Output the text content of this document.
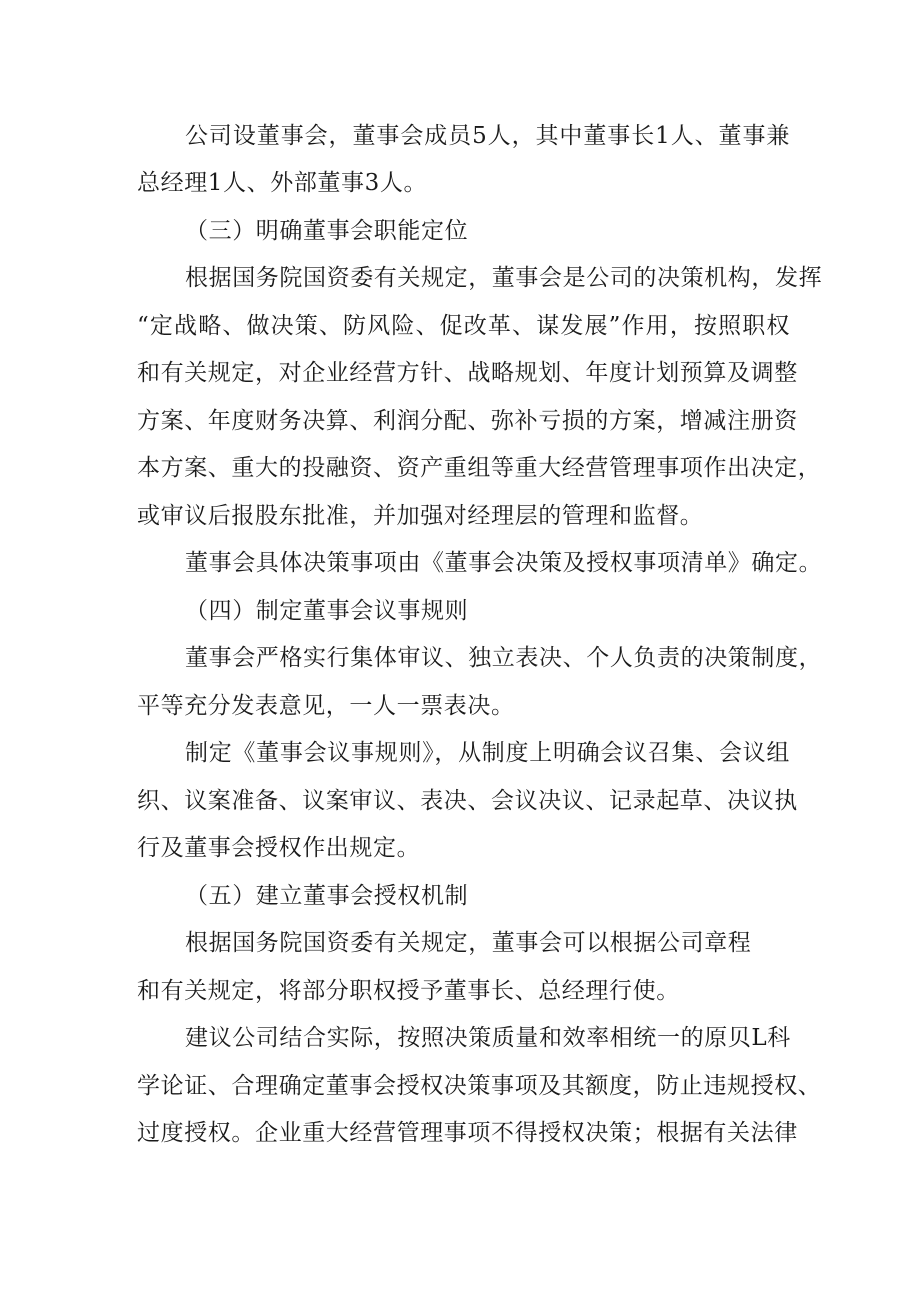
公司设董事会，董事会成员5人，其中董事长1人、董事兼
总经理1人、外部董事3人。
（三）明确董事会职能定位
根据国务院国资委有关规定，董事会是公司的决策机构，发挥
“定战略、做决策、防风险、促改革、谋发展”作用，按照职权
和有关规定，对企业经营方针、战略规划、年度计划预算及调整
方案、年度财务决算、利润分配、弥补亏损的方案，增减注册资
本方案、重大的投融资、资产重组等重大经营管理事项作出决定，
或审议后报股东批准，并加强对经理层的管理和监督。
董事会具体决策事项由《董事会决策及授权事项清单》确定。
（四）制定董事会议事规则
董事会严格实行集体审议、独立表决、个人负责的决策制度，
平等充分发表意见，一人一票表决。
制定《董事会议事规则》，从制度上明确会议召集、会议组
织、议案准备、议案审议、表决、会议决议、记录起草、决议执
行及董事会授权作出规定。
（五）建立董事会授权机制
根据国务院国资委有关规定，董事会可以根据公司章程
和有关规定，将部分职权授予董事长、总经理行使。
建议公司结合实际，按照决策质量和效率相统一的原贝L科
学论证、合理确定董事会授权决策事项及其额度，防止违规授权、
过度授权。企业重大经营管理事项不得授权决策；根据有关法律
